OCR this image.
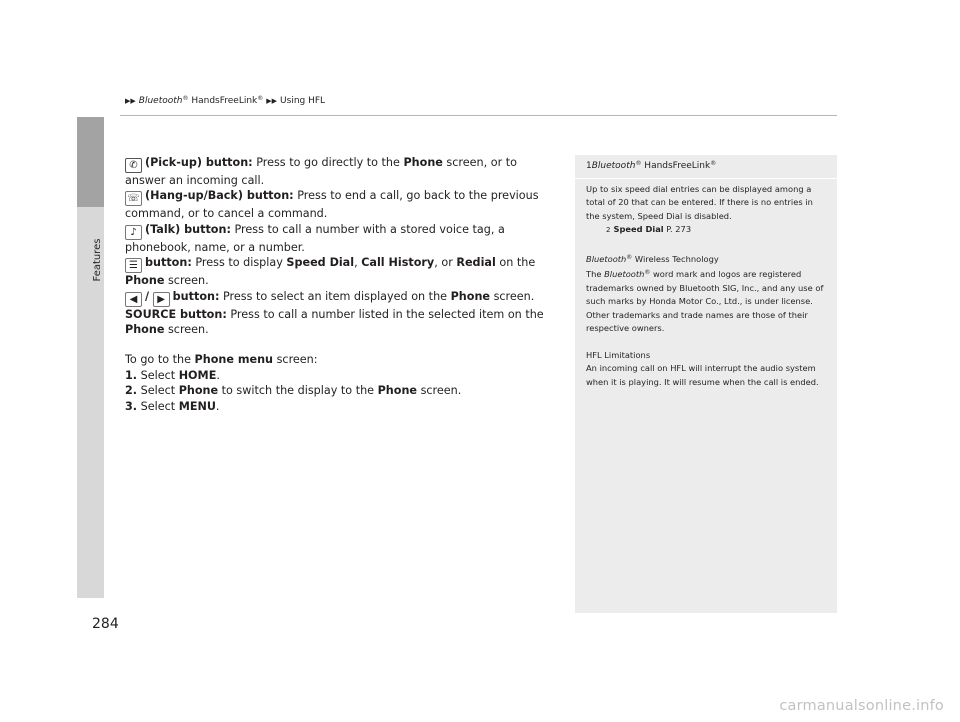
Features
▶▶ Bluetooth® HandsFreeLink® ▶▶ Using HFL

✆ (Pick-up) button: Press to go directly to the Phone screen, or to answer an incoming call.

☏ (Hang-up/Back) button: Press to end a call, go back to the previous command, or to cancel a command.

♪ (Talk) button: Press to call a number with a stored voice tag, a phonebook, name, or a number.

☰ button: Press to display Speed Dial, Call History, or Redial on the Phone screen.

◀ / ▶ button: Press to select an item displayed on the Phone screen.

SOURCE button: Press to call a number listed in the selected item on the Phone screen.

To go to the Phone menu screen:

1. Select HOME.

2. Select Phone to switch the display to the Phone screen.

3. Select MENU.

1Bluetooth® HandsFreeLink®

Up to six speed dial entries can be displayed among a total of 20 that can be entered. If there is no entries in the system, Speed Dial is disabled.

2 Speed Dial P. 273

Bluetooth® Wireless Technology

The Bluetooth® word mark and logos are registered trademarks owned by Bluetooth SIG, Inc., and any use of such marks by Honda Motor Co., Ltd., is under license. Other trademarks and trade names are those of their respective owners.

HFL Limitations

An incoming call on HFL will interrupt the audio system when it is playing. It will resume when the call is ended.

284
carmanualsonline.info
